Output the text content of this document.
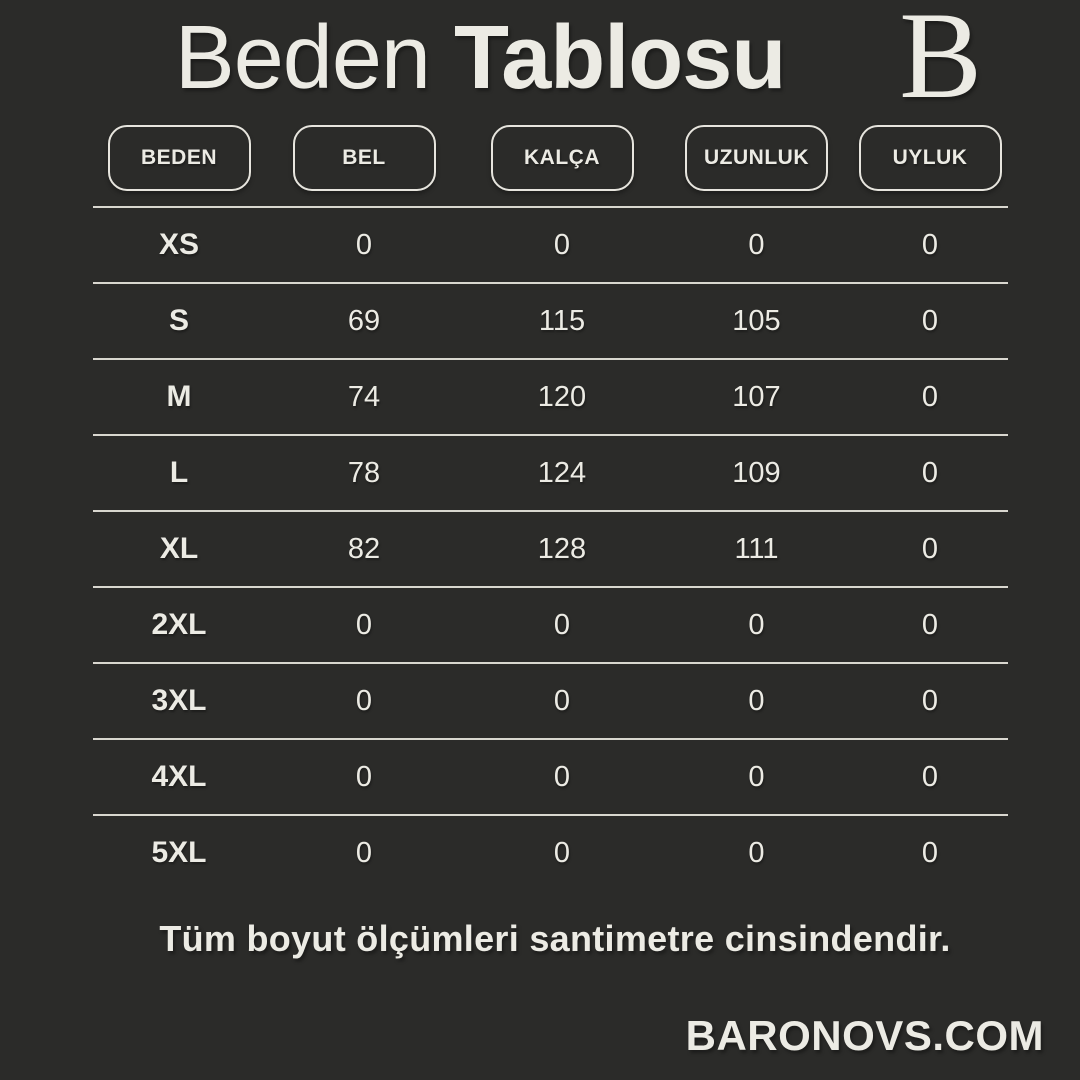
Beden Tablosu B
BEDEN	BEL	KALÇA	UZUNLUK	UYLUK
XS	0	0	0	0
S	69	115	105	0
M	74	120	107	0
L	78	124	109	0
XL	82	128	111	0
2XL	0	0	0	0
3XL	0	0	0	0
4XL	0	0	0	0
5XL	0	0	0	0
Tüm boyut ölçümleri santimetre cinsindendir.
BARONOVS.COM
